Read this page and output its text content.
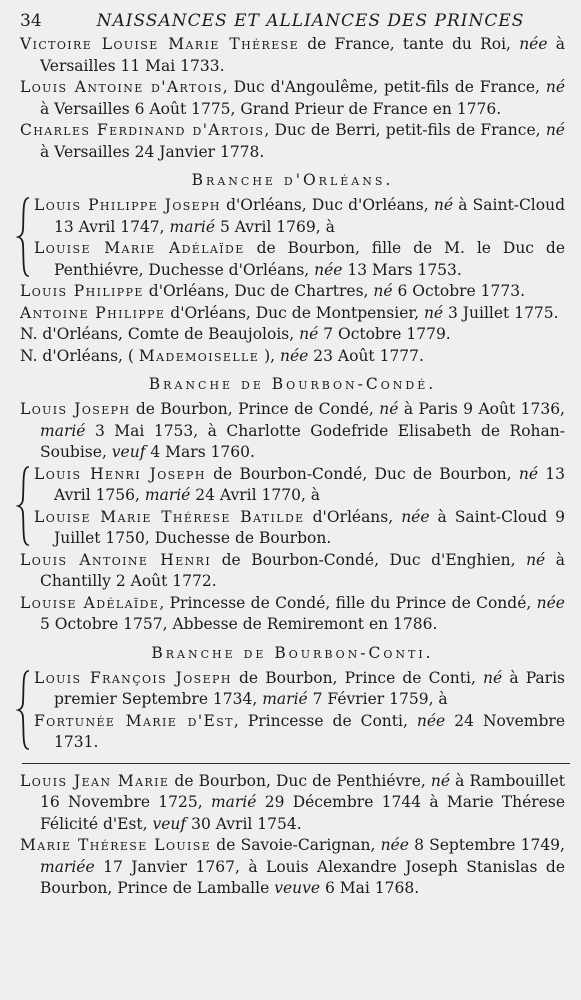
34	NAISSANCES ET ALLIANCES DES PRINCES
Victoire Louise Marie Thérese de France, tante du Roi, née à Versailles 11 Mai 1733.
Louis Antoine d'Artois, Duc d'Angoulême, petit-fils de France, né à Versailles 6 Août 1775, Grand Prieur de France en 1776.
Charles Ferdinand d'Artois, Duc de Berri, petit-fils de France, né à Versailles 24 Janvier 1778.
Branche d'Orléans.
Louis Philippe Joseph d'Orléans, Duc d'Orléans, né à Saint-Cloud 13 Avril 1747, marié 5 Avril 1769, à
Louise Marie Adélaïde de Bourbon, fille de M. le Duc de Penthiévre, Duchesse d'Orléans, née 13 Mars 1753.
Louis Philippe d'Orléans, Duc de Chartres, né 6 Octobre 1773.
Antoine Philippe d'Orléans, Duc de Montpensier, né 3 Juillet 1775.
N. d'Orléans, Comte de Beaujolois, né 7 Octobre 1779.
N. d'Orléans, ( Mademoiselle ), née 23 Août 1777.
Branche de Bourbon-Condé.
Louis Joseph de Bourbon, Prince de Condé, né à Paris 9 Août 1736, marié 3 Mai 1753, à Charlotte Godefride Elisabeth de Rohan-Soubise, veuf 4 Mars 1760.
Louis Henri Joseph de Bourbon-Condé, Duc de Bourbon, né 13 Avril 1756, marié 24 Avril 1770, à
Louise Marie Thérese Batilde d'Orléans, née à Saint-Cloud 9 Juillet 1750, Duchesse de Bourbon.
Louis Antoine Henri de Bourbon-Condé, Duc d'Enghien, né à Chantilly 2 Août 1772.
Louise Adélaïde, Princesse de Condé, fille du Prince de Condé, née 5 Octobre 1757, Abbesse de Remiremont en 1786.
Branche de Bourbon-Conti.
Louis François Joseph de Bourbon, Prince de Conti, né à Paris premier Septembre 1734, marié 7 Février 1759, à
Fortunée Marie d'Est, Princesse de Conti, née 24 Novembre 1731.
Louis Jean Marie de Bourbon, Duc de Penthiévre, né à Rambouillet 16 Novembre 1725, marié 29 Décembre 1744 à Marie Thérese Félicité d'Est, veuf 30 Avril 1754.
Marie Thérese Louise de Savoie-Carignan, née 8 Septembre 1749, mariée 17 Janvier 1767, à Louis Alexandre Joseph Stanislas de Bourbon, Prince de Lamballe veuve 6 Mai 1768.
